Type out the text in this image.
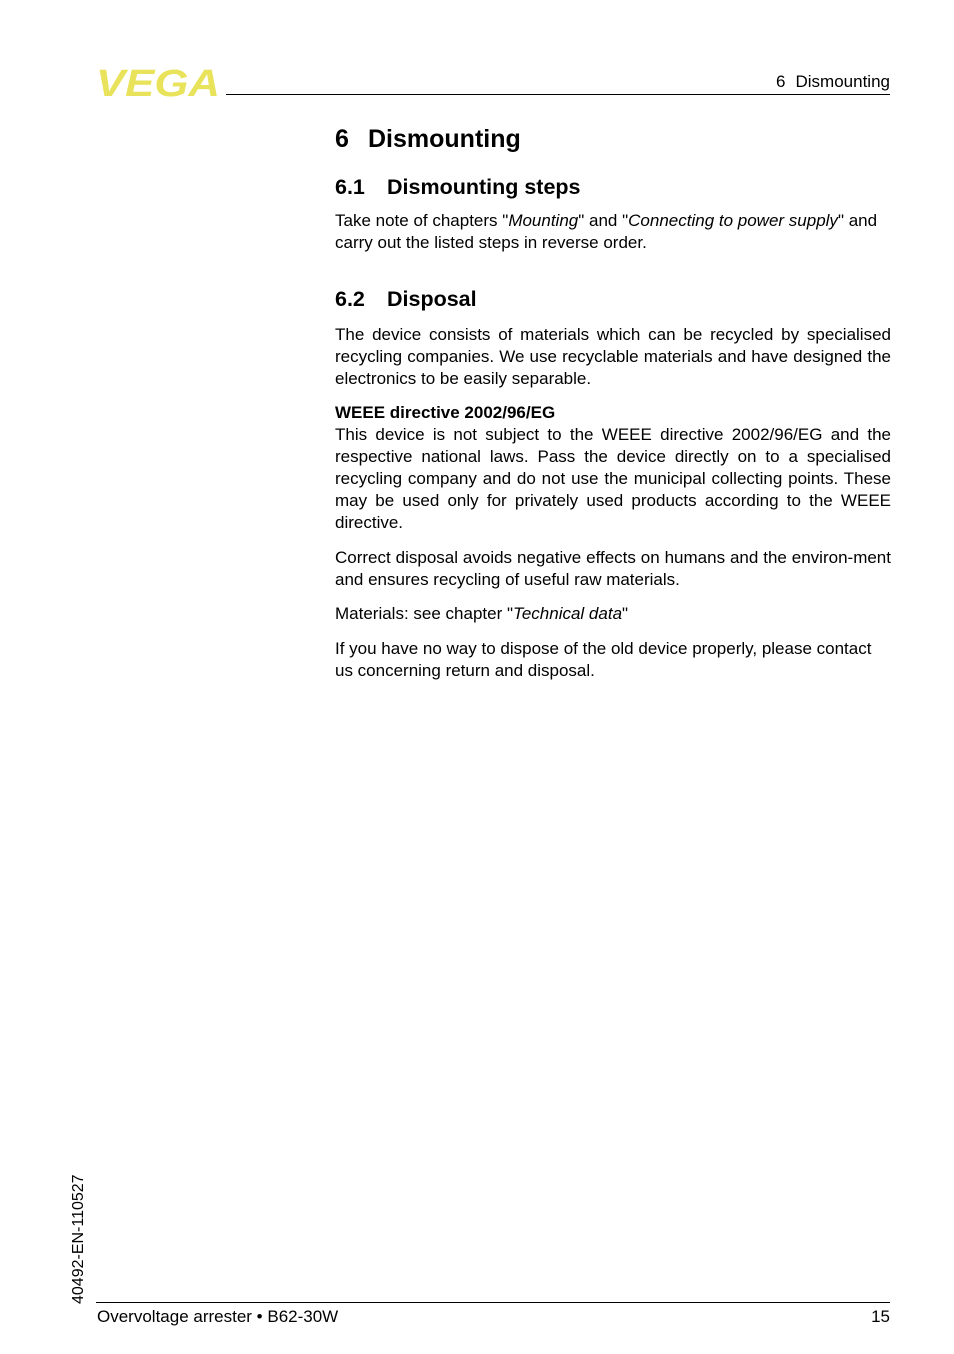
VEGA	6 Dismounting
6 Dismounting
6.1 Dismounting steps

Take note of chapters "Mounting" and "Connecting to power supply" and carry out the listed steps in reverse order.

6.2 Disposal

The device consists of materials which can be recycled by specialised recycling companies. We use recyclable materials and have designed the electronics to be easily separable.

WEEE directive 2002/96/EG

This device is not subject to the WEEE directive 2002/96/EG and the respective national laws. Pass the device directly on to a specialised recycling company and do not use the municipal collecting points. These may be used only for privately used products according to the WEEE directive.

Correct disposal avoids negative effects on humans and the environ-ment and ensures recycling of useful raw materials.

Materials: see chapter "Technical data"

If you have no way to dispose of the old device properly, please contact us concerning return and disposal.

40492-EN-110527
Overvoltage arrester • B62-30W	15
